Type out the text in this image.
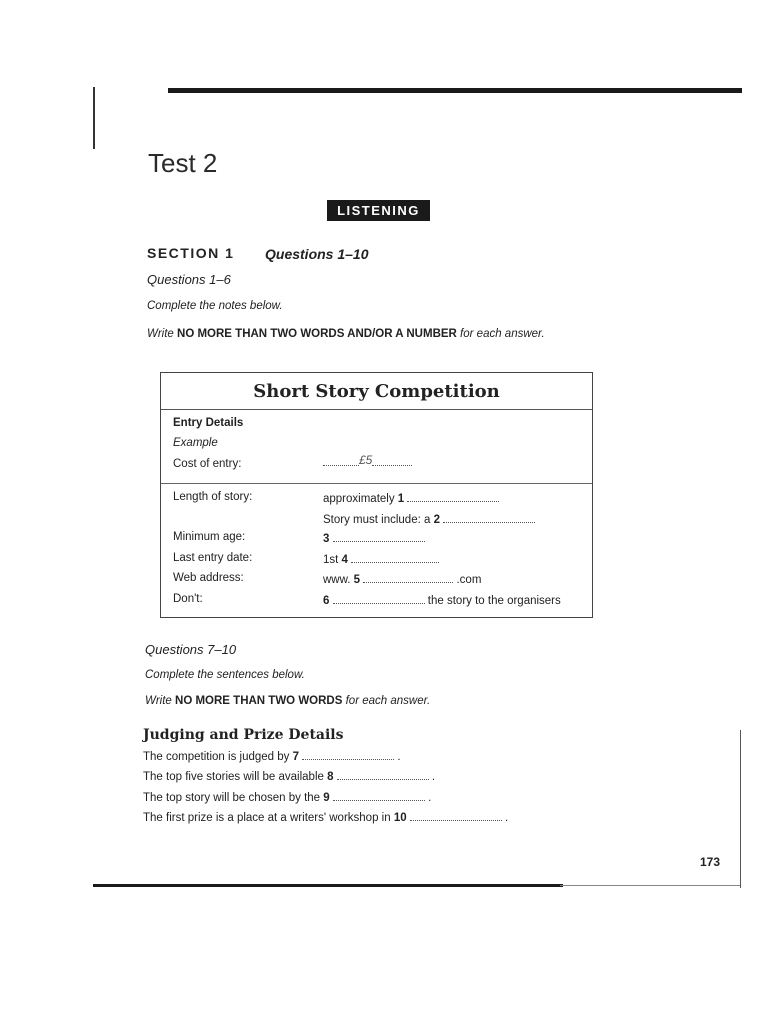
Test 2
LISTENING
SECTION 1 Questions 1–10
Questions 1–6
Complete the notes below.
Write NO MORE THAN TWO WORDS AND/OR A NUMBER for each answer.
Short Story Competition
Entry Details
Example
Cost of entry:	£5
Length of story:	approximately 1
Story must include: a 2
Minimum age:	3
Last entry date:	1st 4
Web address:	www. 5	.com
Don't:	6	the story to the organisers
Questions 7–10
Complete the sentences below.
Write NO MORE THAN TWO WORDS for each answer.
Judging and Prize Details
The competition is judged by 7	.
The top five stories will be available 8	.
The top story will be chosen by the 9	.
The first prize is a place at a writers' workshop in 10	.
173
